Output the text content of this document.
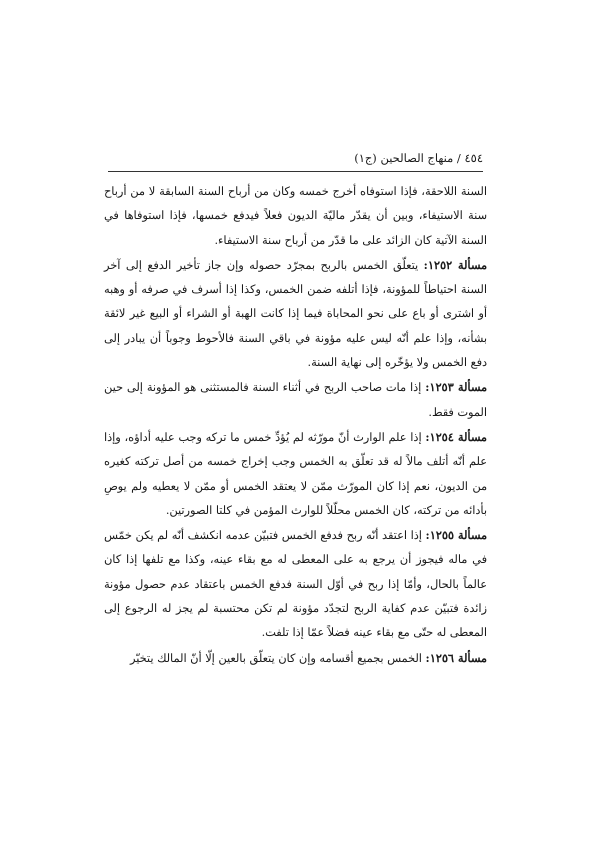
٤٥٤ / منهاج الصالحين (ج١)

السنة اللاحقة، فإذا استوفاه أخرج خمسه وكان من أرباح السنة السابقة لا من أرباح سنة الاستيفاء، وبين أن يقدّر ماليّة الديون فعلاً فيدفع خمسها، فإذا استوفاها في السنة الآتية كان الزائد على ما قدّر من أرباح سنة الاستيفاء.

مسألة ١٢٥٢: يتعلّق الخمس بالربح بمجرّد حصوله وإن جاز تأخير الدفع إلى آخر السنة احتياطاً للمؤونة، فإذا أتلفه ضمن الخمس، وكذا إذا أسرف في صرفه أو وهبه أو اشترى أو باع على نحو المحاباة فيما إذا كانت الهبة أو الشراء أو البيع غير لائقة بشأنه، وإذا علم أنّه ليس عليه مؤونة في باقي السنة فالأحوط وجوباً أن يبادر إلى دفع الخمس ولا يؤخّره إلى نهاية السنة.

مسألة ١٢٥٣: إذا مات صاحب الربح في أثناء السنة فالمستثنى هو المؤونة إلى حين الموت فقط.

مسألة ١٢٥٤: إذا علم الوارث أنّ مورّثه لم يُؤدِّ خمس ما تركه وجب عليه أداؤه، وإذا علم أنّه أتلف مالاً له قد تعلّق به الخمس وجب إخراج خمسه من أصل تركته كغيره من الديون، نعم إذا كان المورّث ممّن لا يعتقد الخمس أو ممّن لا يعطيه ولم يوصِ بأدائه من تركته، كان الخمس محلّلاً للوارث المؤمن في كلتا الصورتين.

مسألة ١٢٥٥: إذا اعتقد أنّه ربح فدفع الخمس فتبيّن عدمه انكشف أنّه لم يكن خمّس في ماله فيجوز أن يرجع به على المعطى له مع بقاء عينه، وكذا مع تلفها إذا كان عالماً بالحال، وأمّا إذا ربح في أوّل السنة فدفع الخمس باعتقاد عدم حصول مؤونة زائدة فتبيّن عدم كفاية الربح لتجدّد مؤونة لم تكن محتسبة لم يجز له الرجوع إلى المعطى له حتّى مع بقاء عينه فضلاً عمّا إذا تلفت.

مسألة ١٢٥٦: الخمس بجميع أقسامه وإن كان يتعلّق بالعين إلّا أنّ المالك يتخيّر
